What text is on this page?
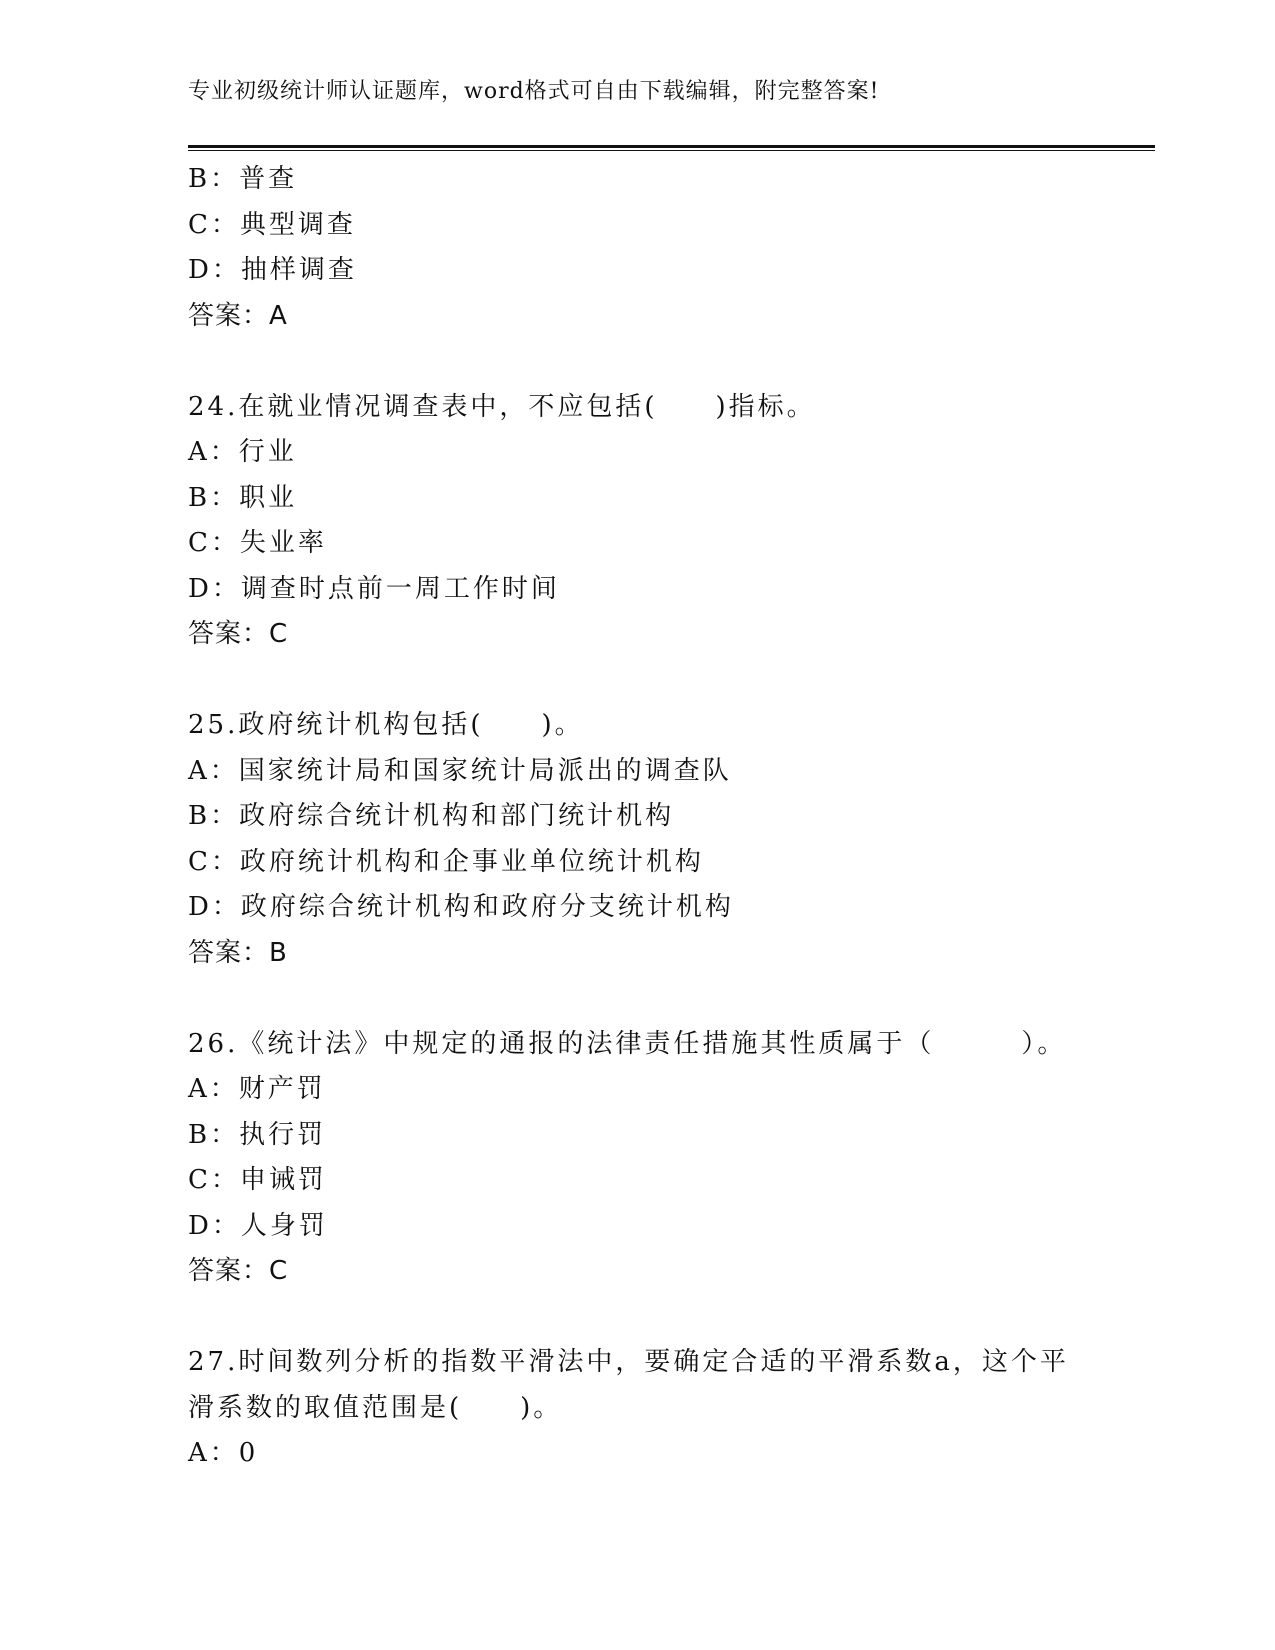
专业初级统计师认证题库，word格式可自由下载编辑，附完整答案!
B：普查
C：典型调查
D：抽样调查
答案：A
24.在就业情况调查表中，不应包括(　　)指标。
A：行业
B：职业
C：失业率
D：调查时点前一周工作时间
答案：C
25.政府统计机构包括(　　)。
A：国家统计局和国家统计局派出的调查队
B：政府综合统计机构和部门统计机构
C：政府统计机构和企事业单位统计机构
D：政府综合统计机构和政府分支统计机构
答案：B
26.《统计法》中规定的通报的法律责任措施其性质属于（　　　）。
A：财产罚
B：执行罚
C：申诫罚
D：人身罚
答案：C
27.时间数列分析的指数平滑法中，要确定合适的平滑系数a，这个平
滑系数的取值范围是(　　)。
A：0
